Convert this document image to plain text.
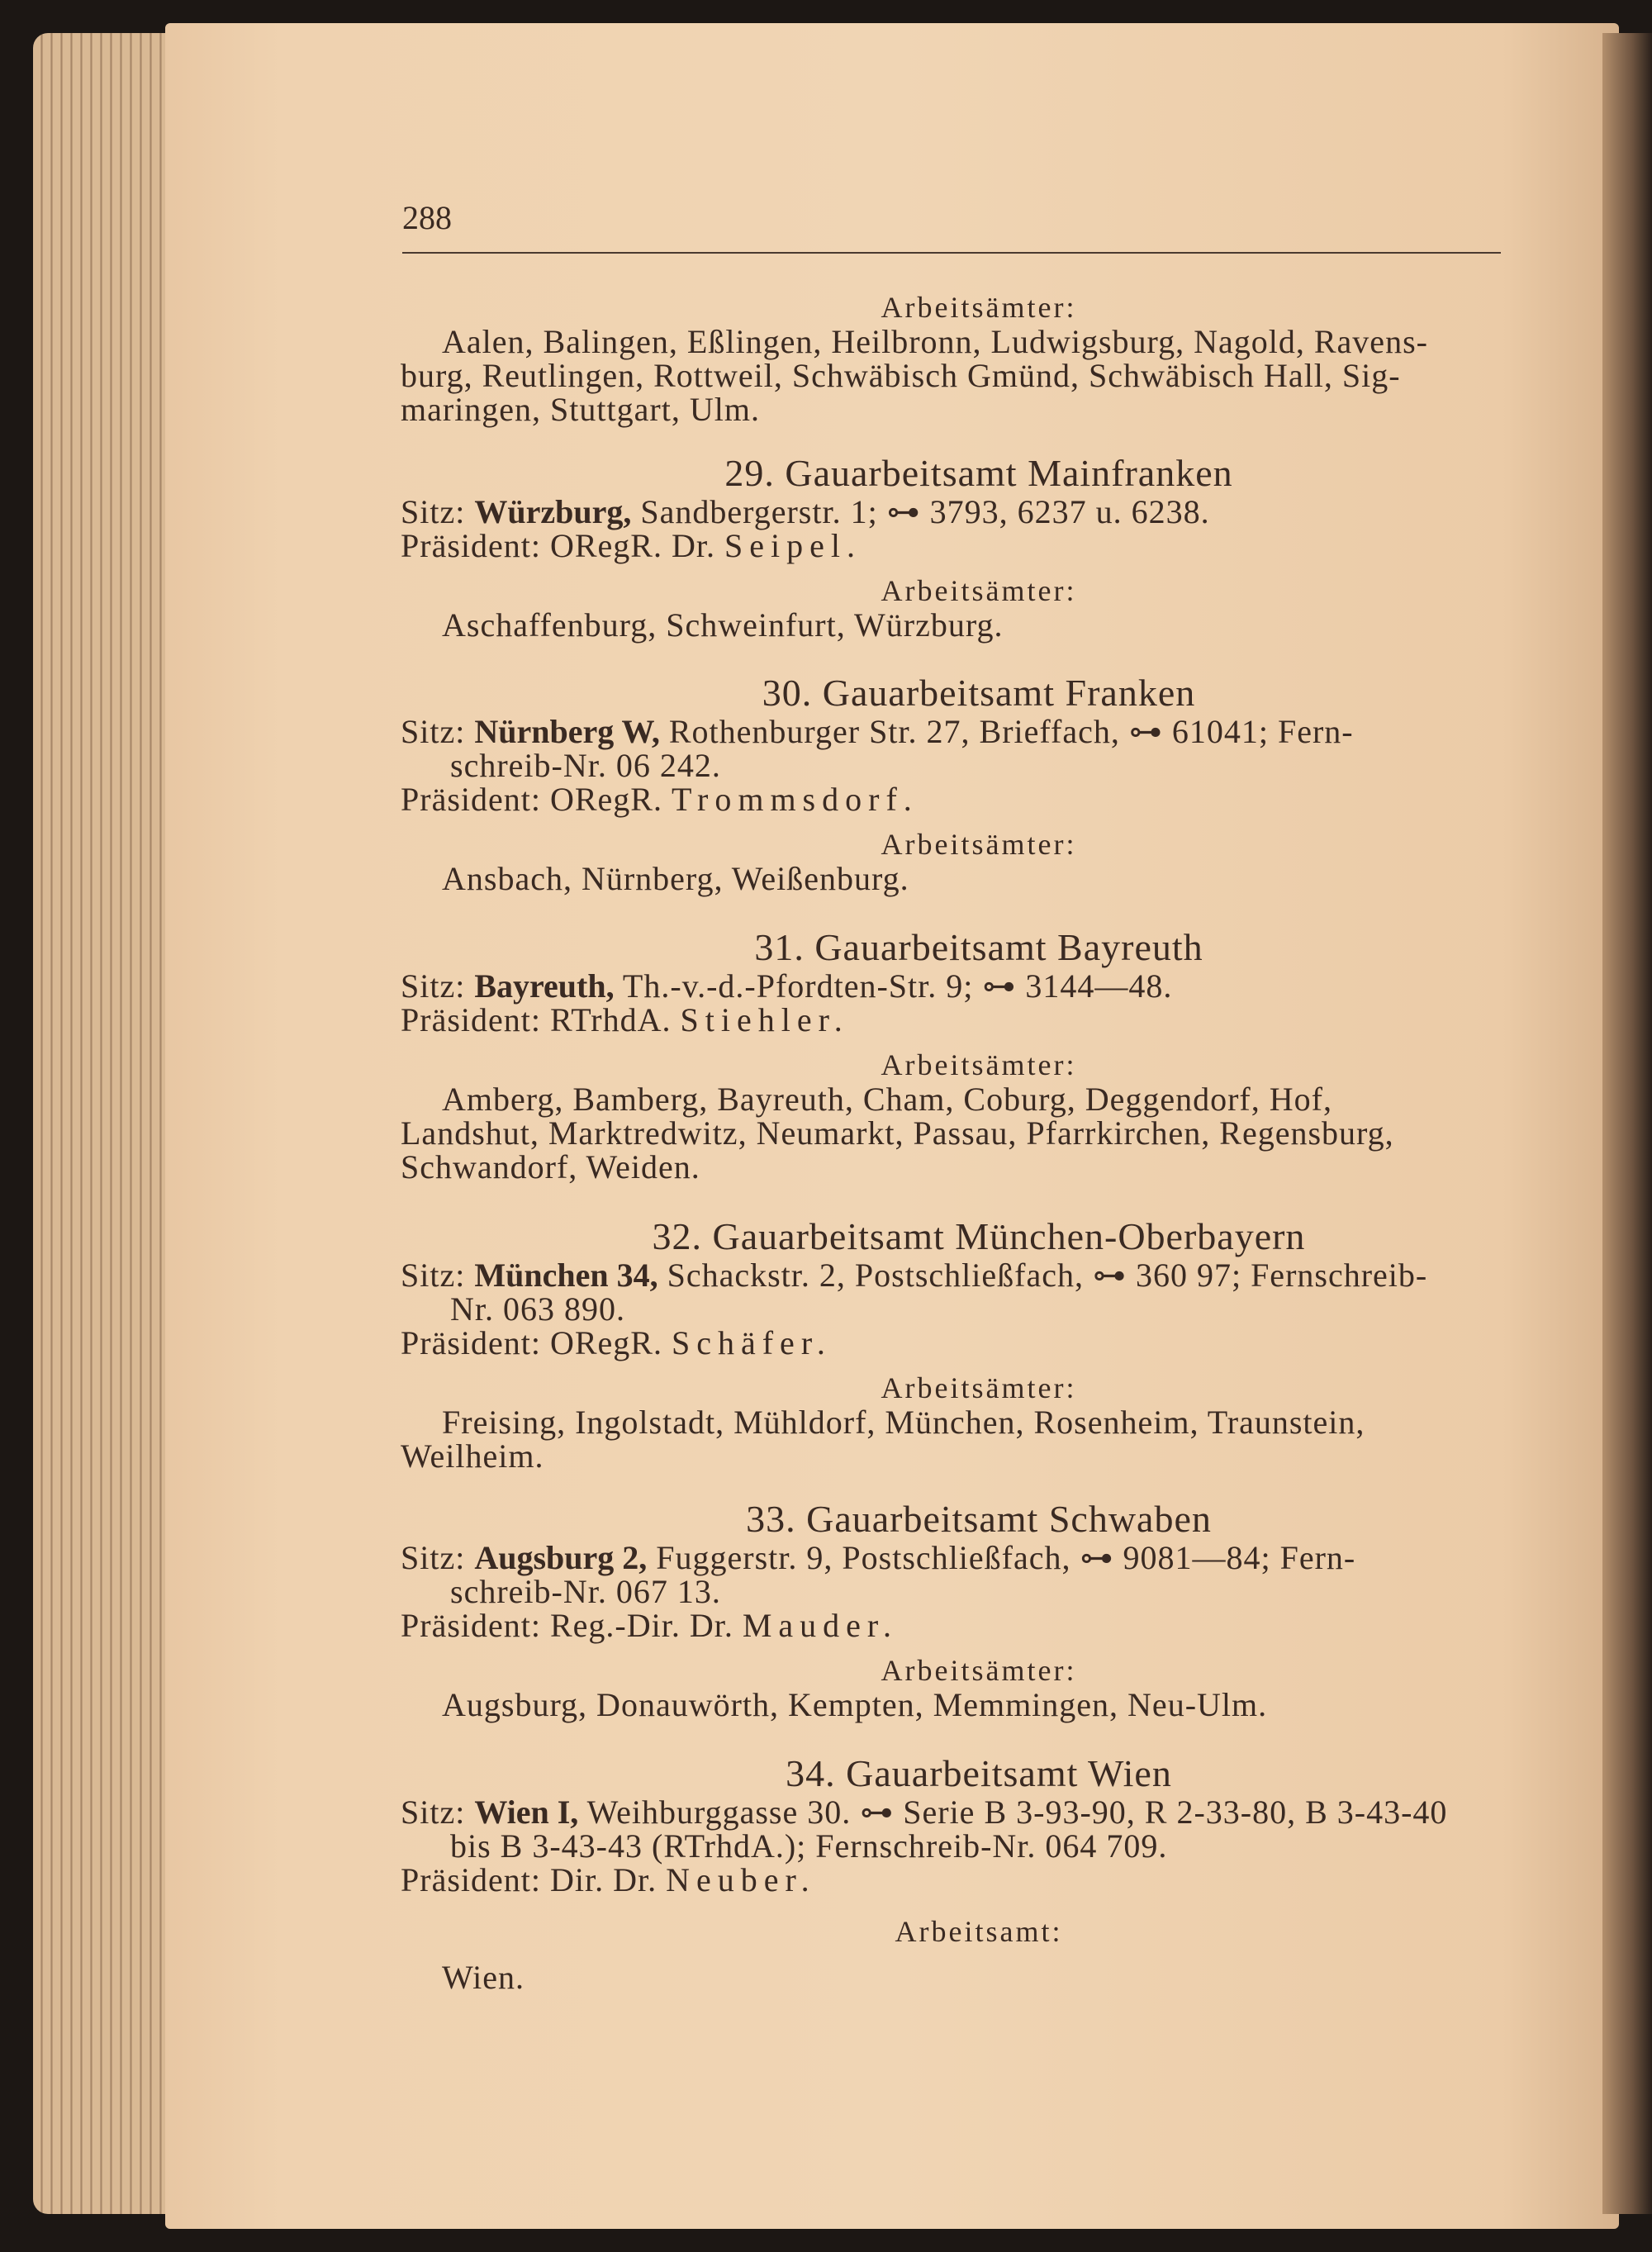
288
Arbeitsämter:
Aalen, Balingen, Eßlingen, Heilbronn, Ludwigsburg, Nagold, Ravens-
burg, Reutlingen, Rottweil, Schwäbisch Gmünd, Schwäbisch Hall, Sig-
maringen, Stuttgart, Ulm.
29. Gauarbeitsamt Mainfranken
Sitz: Würzburg, Sandbergerstr. 1; ⊶ 3793, 6237 u. 6238.
Präsident: ORegR. Dr. Seipel.
Arbeitsämter:
Aschaffenburg, Schweinfurt, Würzburg.
30. Gauarbeitsamt Franken
Sitz: Nürnberg W, Rothenburger Str. 27, Brieffach, ⊶ 61041; Fern-
schreib-Nr. 06 242.
Präsident: ORegR. Trommsdorf.
Arbeitsämter:
Ansbach, Nürnberg, Weißenburg.
31. Gauarbeitsamt Bayreuth
Sitz: Bayreuth, Th.-v.-d.-Pfordten-Str. 9; ⊶ 3144—48.
Präsident: RTrhdA. Stiehler.
Arbeitsämter:
Amberg, Bamberg, Bayreuth, Cham, Coburg, Deggendorf, Hof,
Landshut, Marktredwitz, Neumarkt, Passau, Pfarrkirchen, Regensburg,
Schwandorf, Weiden.
32. Gauarbeitsamt München-Oberbayern
Sitz: München 34, Schackstr. 2, Postschließfach, ⊶ 360 97; Fernschreib-
Nr. 063 890.
Präsident: ORegR. Schäfer.
Arbeitsämter:
Freising, Ingolstadt, Mühldorf, München, Rosenheim, Traunstein,
Weilheim.
33. Gauarbeitsamt Schwaben
Sitz: Augsburg 2, Fuggerstr. 9, Postschließfach, ⊶ 9081—84; Fern-
schreib-Nr. 067 13.
Präsident: Reg.-Dir. Dr. Mauder.
Arbeitsämter:
Augsburg, Donauwörth, Kempten, Memmingen, Neu-Ulm.
34. Gauarbeitsamt Wien
Sitz: Wien I, Weihburggasse 30. ⊶ Serie B 3-93-90, R 2-33-80, B 3-43-40
bis B 3-43-43 (RTrhdA.); Fernschreib-Nr. 064 709.
Präsident: Dir. Dr. Neuber.
Arbeitsamt:
Wien.
